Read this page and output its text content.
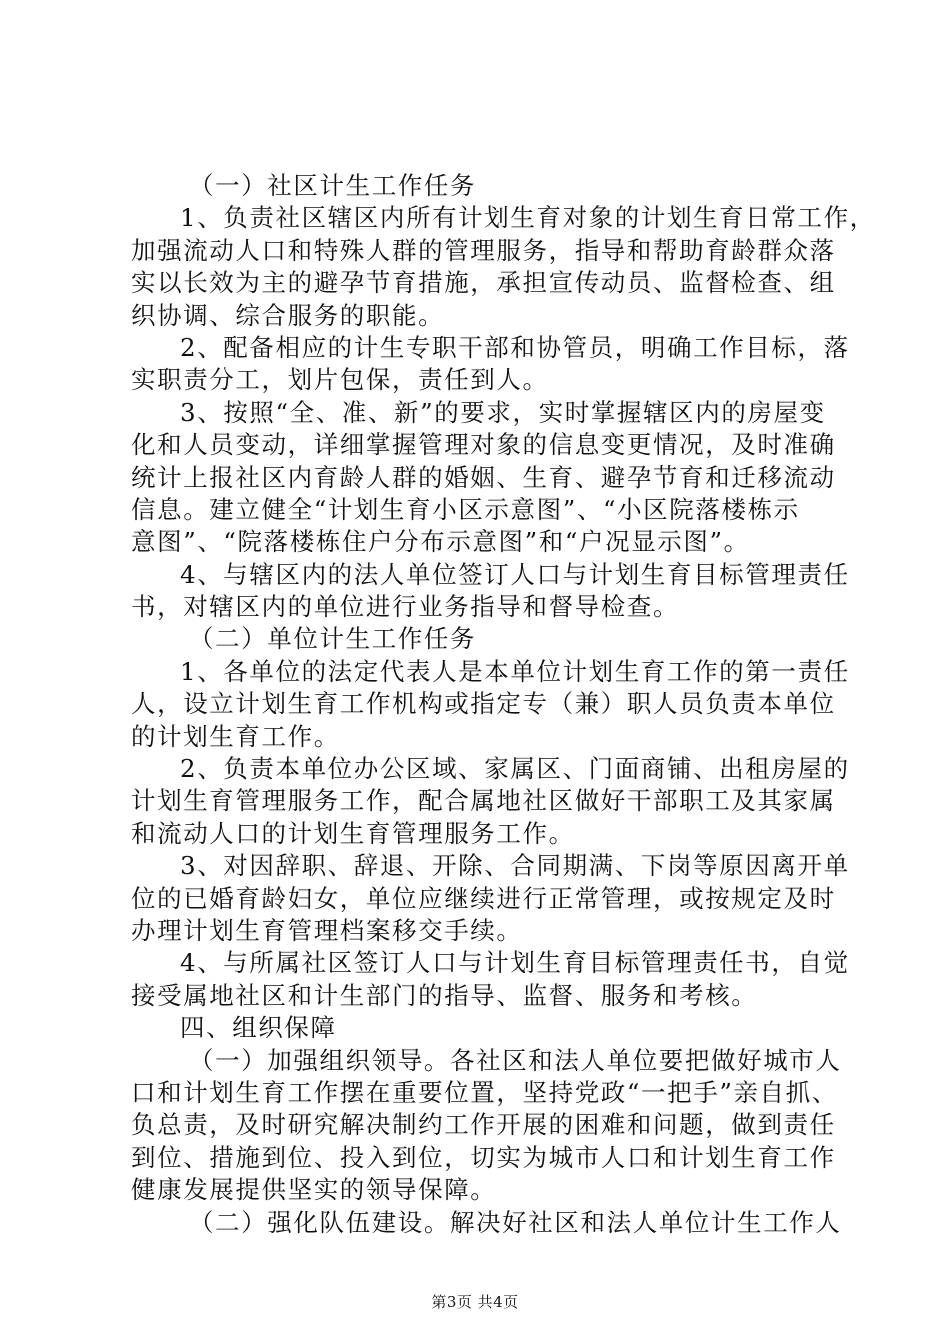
（一）社区计生工作任务
1、负责社区辖区内所有计划生育对象的计划生育日常工作，
加强流动人口和特殊人群的管理服务，指导和帮助育龄群众落
实以长效为主的避孕节育措施，承担宣传动员、监督检查、组
织协调、综合服务的职能。
2、配备相应的计生专职干部和协管员，明确工作目标，落
实职责分工，划片包保，责任到人。
3、按照“全、准、新”的要求，实时掌握辖区内的房屋变
化和人员变动，详细掌握管理对象的信息变更情况，及时准确
统计上报社区内育龄人群的婚姻、生育、避孕节育和迁移流动
信息。建立健全“计划生育小区示意图”、“小区院落楼栋示
意图”、“院落楼栋住户分布示意图”和“户况显示图”。
4、与辖区内的法人单位签订人口与计划生育目标管理责任
书，对辖区内的单位进行业务指导和督导检查。
（二）单位计生工作任务
1、各单位的法定代表人是本单位计划生育工作的第一责任
人，设立计划生育工作机构或指定专（兼）职人员负责本单位
的计划生育工作。
2、负责本单位办公区域、家属区、门面商铺、出租房屋的
计划生育管理服务工作，配合属地社区做好干部职工及其家属
和流动人口的计划生育管理服务工作。
3、对因辞职、辞退、开除、合同期满、下岗等原因离开单
位的已婚育龄妇女，单位应继续进行正常管理，或按规定及时
办理计划生育管理档案移交手续。
4、与所属社区签订人口与计划生育目标管理责任书，自觉
接受属地社区和计生部门的指导、监督、服务和考核。
四、组织保障
（一）加强组织领导。各社区和法人单位要把做好城市人
口和计划生育工作摆在重要位置，坚持党政“一把手”亲自抓、
负总责，及时研究解决制约工作开展的困难和问题，做到责任
到位、措施到位、投入到位，切实为城市人口和计划生育工作
健康发展提供坚实的领导保障。
（二）强化队伍建设。解决好社区和法人单位计生工作人
第3页 共4页
